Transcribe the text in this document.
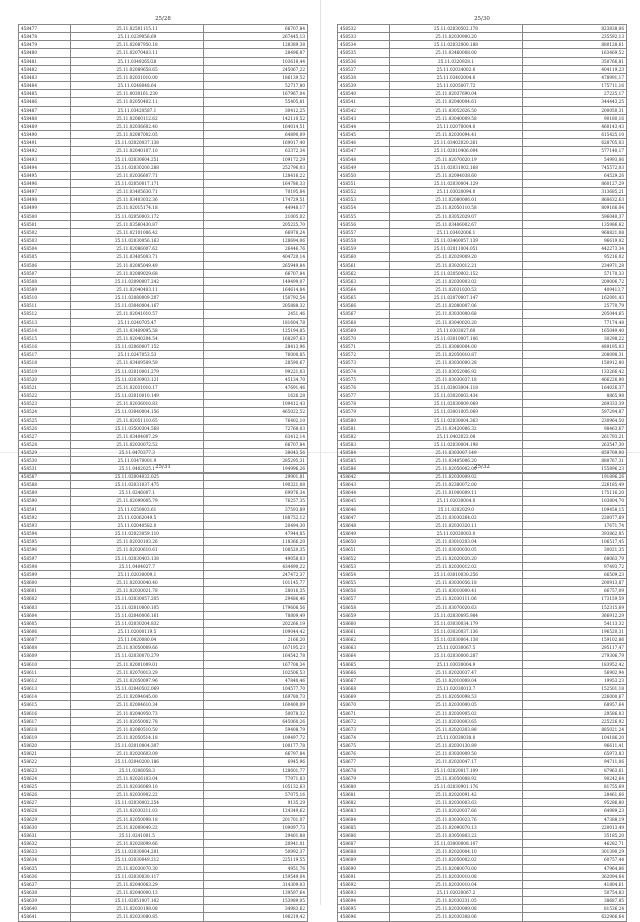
25/28
458477	25.11.02501115.11	66707,84
458478	25.11.0239056.69	267445,13
458479	25.11.02087950.18	128389,38
458480	25.11.02070403.11	28496,87
458481	25.11.0349265/28	103618,44
458482	25.11.02089658.65	245067,22
458483	25.11.02031010.00	186139,52
458484	25.11.0248048.64	52717,80
458485	25.11.0030161.230	167967,04
458486	25.11.02050402.11	55405,81
458487	25.11.03420587.1	30412,25
458488	25.11.02060112.62	142110,52
458489	25.11.02036602.40	164014,51
458490	25.11.02087002.05	64890,09
458491	25.11.02020037.138	169017,40
458492	25.11.02040107.10	63372,34
458493	25.11.02030604.251	109172,29
458494	25.11.02030200.288	252796,03
458495	25.11.02036607.71	128416,22
458496	25.11.02050017.171	164786,33
458497	25.11.03405630.71	70195,84
458498	25.11.03403032.36	174729,51
458499	25.11.02015174.18	44948,17
458500	25.11.02050003.172	21005,02
458501	25.11.03560430.87	205225,70
458502	25.11.02101006.42	66978,24
458503	25.11.02030056.163	128694,06
458504	25.11.02086007.62	26446,76
458505	25.11.03405003.71	404720,14
458506	25.11.02085049.49	265949,84
458507	25.11.02089029.68	66707,84
458508	25.11.02090007.242	149499,07
458509	25.11.02040403.11	164614,84
458510	25.11.02080009.207	150792,54
458511	25.11.03040004.167	205888,32
458512	25.11.02041010.57	2451,46
458513	25.11.0240705.47	181604,78
458514	25.11.03409095.58	125194,85
458515	25.11.02040204.54	168297,63
458516	25.11.02060007.152	28413,96
458517	25.11.0247053.53	76000,85
458518	25.11.03409509.59	28590,67
458519	25.11.02010001.279	99221,03
458520	25.11.02030903.121	45134,70
458521	25.11.02031010.17	47691,46
458522	25.11.02010010.149	1626,28
458523	25.11.02036010.83	109412,43
458524	25.11.03040004.156	465022,52
458525	25.11.02051110.65	76402,10
458526	25.11.03500304.568	72768,03
458527	25.11.03404007.29	63412,14
458528	25.11.02030072.52	66707,84
458529	25.11.0470377.3	38043,56
458530	25.11.03470001.9	285295,31
458531	25.11.0402025.1	194996,26
25/30
458532	25.11.02030502.178	823838,06
458533	25.11.02030900.20	235592,13
458534	25.11.02032000.188	880128,61
458535	25.11.03460008.00	163469,52
458536	25.11.0320928.1	350766,81
458537	25.11.02024002.6	404119,23
458538	25.11.03402004.6	478991,17
458539	25.11.0205007.72	175711,16
458540	25.11.02037690.04	27225,17
458541	25.11.02040004.61	344443,25
458542	25.11.03052026.50	200050,31
458543	25.11.03040009.58	90180,16
458544	25.11.02070004.0	460143,43
458545	25.11.02030094.41	615425,10
458546	25.11.03402020.261	628705,03
458547	25.11.02010406.004	577140,17
458548	25.11.02070020.19	54993,06
458549	25.11.02031002.168	745572,03
458550	25.11.02094038.60	64529,26
458551	25.11.02030004.129	860127,29
458552	25.11.03020094.0	313685,21
458553	25.11.02080006.01	868632,63
458554	25.11.02050110.58	809166,04
458555	25.11.03052029.07	596040,37
458556	25.11.03406002.67	135986,62
458557	25.11.03402006.1	968821,08
458558	25.11.03460057.139	96619,02
458559	25.11.02011004.051	442273,34
458560	25.11.02029009.20	95216,02
458561	25.11.03020012.21	234971,28
458562	25.11.02050002.152	57170,33
458563	25.11.02030003.02	209006,72
458564	25.11.02031020.53	409413,7
458565	25.11.02070007.147	162091,43
458566	25.11.02080007.06	25770,79
458567	25.11.03030000.68	205044,65
458568	25.11.03040020.20	77174,48
458569	25.11.0303027.60	165049,40
458570	25.11.03010007.106	30298,22
458571	25.11.03060004.00	489195,03
458572	25.11.02050010.87	208098,31
458573	25.11.03030000.28	150912,80
458574	25.11.03052006.92	133266,42
458575	25.11.03030037.18	466226,90
458576	25.11.02003004.118	164026,37
458577	25.11.03020002.434	8865,98
458578	25.11.02030009.069	269333,39
458579	25.11.03001005.069	597294,87
458580	25.11.02030004.363	230964,50
458581	25.11.03420006.32	98463,67
458582	25.11.0402022.08	261793,21
458583	25.11.02030004.198	263547,30
458584	25.11.0303007.149	859709,00
458585	25.11.03405006.20	880767,31
458586	25.11.02050002.00	155896,23
25/31
458587	25.11.02004032.025	29901,81
458588	25.11.02031037.475	190321,08
458589	25.11.0246007.1	69976,34
458590	25.11.02099005.79	76257,35
458591	25.11.0250003.61	37593,89
458592	25.11.02062049.5	188752,12
458593	25.11.02040582.0	20494,30
458594	25.11.02023059.110	47944,85
458595	25.11.02030103.26	118366,20
458596	25.11.02030610.61	108520,35
458597	25.11.02030403.138	49058,03
458598	25.11.0404027.7	434490,22
458599	25.11.02030009.1	247472,37
458600	25.11.02030040.40	101145,77
458601	25.11.02030021.78	28016,35
458602	25.11.02030057.205	29486,46
458603	25.11.02010000.105	179608,56
458604	25.11.02040006.161	78809,49
458605	25.11.02030204.832	202266,19
458606	25.11.02000119.5	109044,42
458607	25.11.0020080.04	2166,20
458608	25.11.03050009.66	167195,23
458609	25.11.02030070.279	164542,78
458610	25.11.02001009.01	167708,34
458611	25.11.02070013.29	102506,53
458612	25.11.02050097.96	47840,46
458613	25.11.02040502.069	104577,70
458614	25.11.02094045.00	169780,73
458615	25.11.02004610.34	160400,09
458616	25.11.02040950.73	50078,32
458617	25.11.02050002.78	645060,26
458618	25.11.02060510.50	59408,79
458619	25.11.02050514.18	109497,72
458620	25.11.02010004.307	100177,78
458621	25.11.02020603.09	66797,84
458622	25.11.02040200.186	6945,96
458623	25.11.0206058.3	128601,77
458624	25.11.02026103.04	77971,03
458625	25.11.02036069.10	105132,63
458626	25.11.02030902.22	57075,16
458627	25.11.02030002.254	9135,29
458628	25.11.02030211.03	124349,62
458629	25.11.02050098.18	201701,07
458630	25.11.02009049.22	109097,73
458631	25.11.0241001.5	29401,88
458632	25.11.02028099.66	20941,01
458633	25.11.02030004.201	50992,37
458634	25.11.02030049.212	225119,55
458635	25.11.02030070.30	4951,76
458636	25.11.02030030.117	159549,04
458637	25.11.02040063.29	314309,03
458638	25.11.02040000.13	139597,64
458639	25.11.02051007.102	153989,05
458640	25.11.02030198.08	34983,62
458641	25.11.02033080.85	196219,42
25/32
458642	25.11.02030009.02	191896,26
458643	25.11.02380072.00	226185,49
458644	25.11.01000009.11	175116,20
458645	25.11.02030004.0	103804,70
458646	25.11.0202029.0	109458,15
458647	25.11.03030264.02	220077,69
458648	25.11.02030320.11	17671,74
458649	25.11.02020003.0	393862,85
458650	25.11.03010203.04	106517,45
458651	25.11.03030030.05	30021,35
458652	25.11.02020020.20	68063,79
458653	25.11.02030012.02	97493,72
458654	25.11.03010030.256	66509,23
458655	25.11.03030056.18	200913,87
458656	25.11.03010000.41	66757,09
458657	25.11.02030111.06	173159,59
458658	25.11.03070020.63	152315,69
458659	25.11.02030095.984	366912,29
458660	25.11.03030034.179	54113,32
458661	25.11.03020037.136	196520,31
458662	25.11.02030064.138	159102,86
458663	25.11.02030067.5	295117,47
458664	25.11.02030000.287	279306,79
458665	25.11.03030004.9	183952,42
458666	25.11.02020037.47	56902,94
458667	25.11.02010008.04	19953,23
458668	25.11.02030013.7	152501,18
458669	25.11.02050098.53	226000,67
458670	25.11.02030000.05	68957,64
458671	25.11.02030005.02	29586,03
458672	25.11.02030003.65	225226,92
458673	25.11.02020303.88	885021,24
458674	25.11.03030030.0	104186,20
458675	25.11.02030130.89	96611,41
458676	25.11.03030009.50	65973,83
458677	25.11.02020047.17	94711,06
458678	25.11.02020017.109	87963,61
458679	25.11.03050008.92	90242,64
458680	25.11.02030901.176	81755,69
458681	25.11.02020091.42	28461,66
458682	25.11.02030003.63	95286,80
458683	25.11.02020037.66	64989,23
458684	25.11.03030023.76	47388,19
458685	25.11.02090070.13	220013,49
458686	25.11.03050803.22	35185,20
458687	25.11.03000008.107	46282,71
458688	25.11.02020004.10	301390,29
458689	25.11.02050002.02	60757,44
458690	25.11.02080070.00	47964,86
458691	25.11.02030010.08	362094,64
458692	25.11.02030010.04	41804,61
458693	25.11.02020067.2	50754,83
458694	25.11.02030231.05	38687,85
458695	25.11.02030009.08	81536,24
458696	25.11.02030308.06	622966,64
